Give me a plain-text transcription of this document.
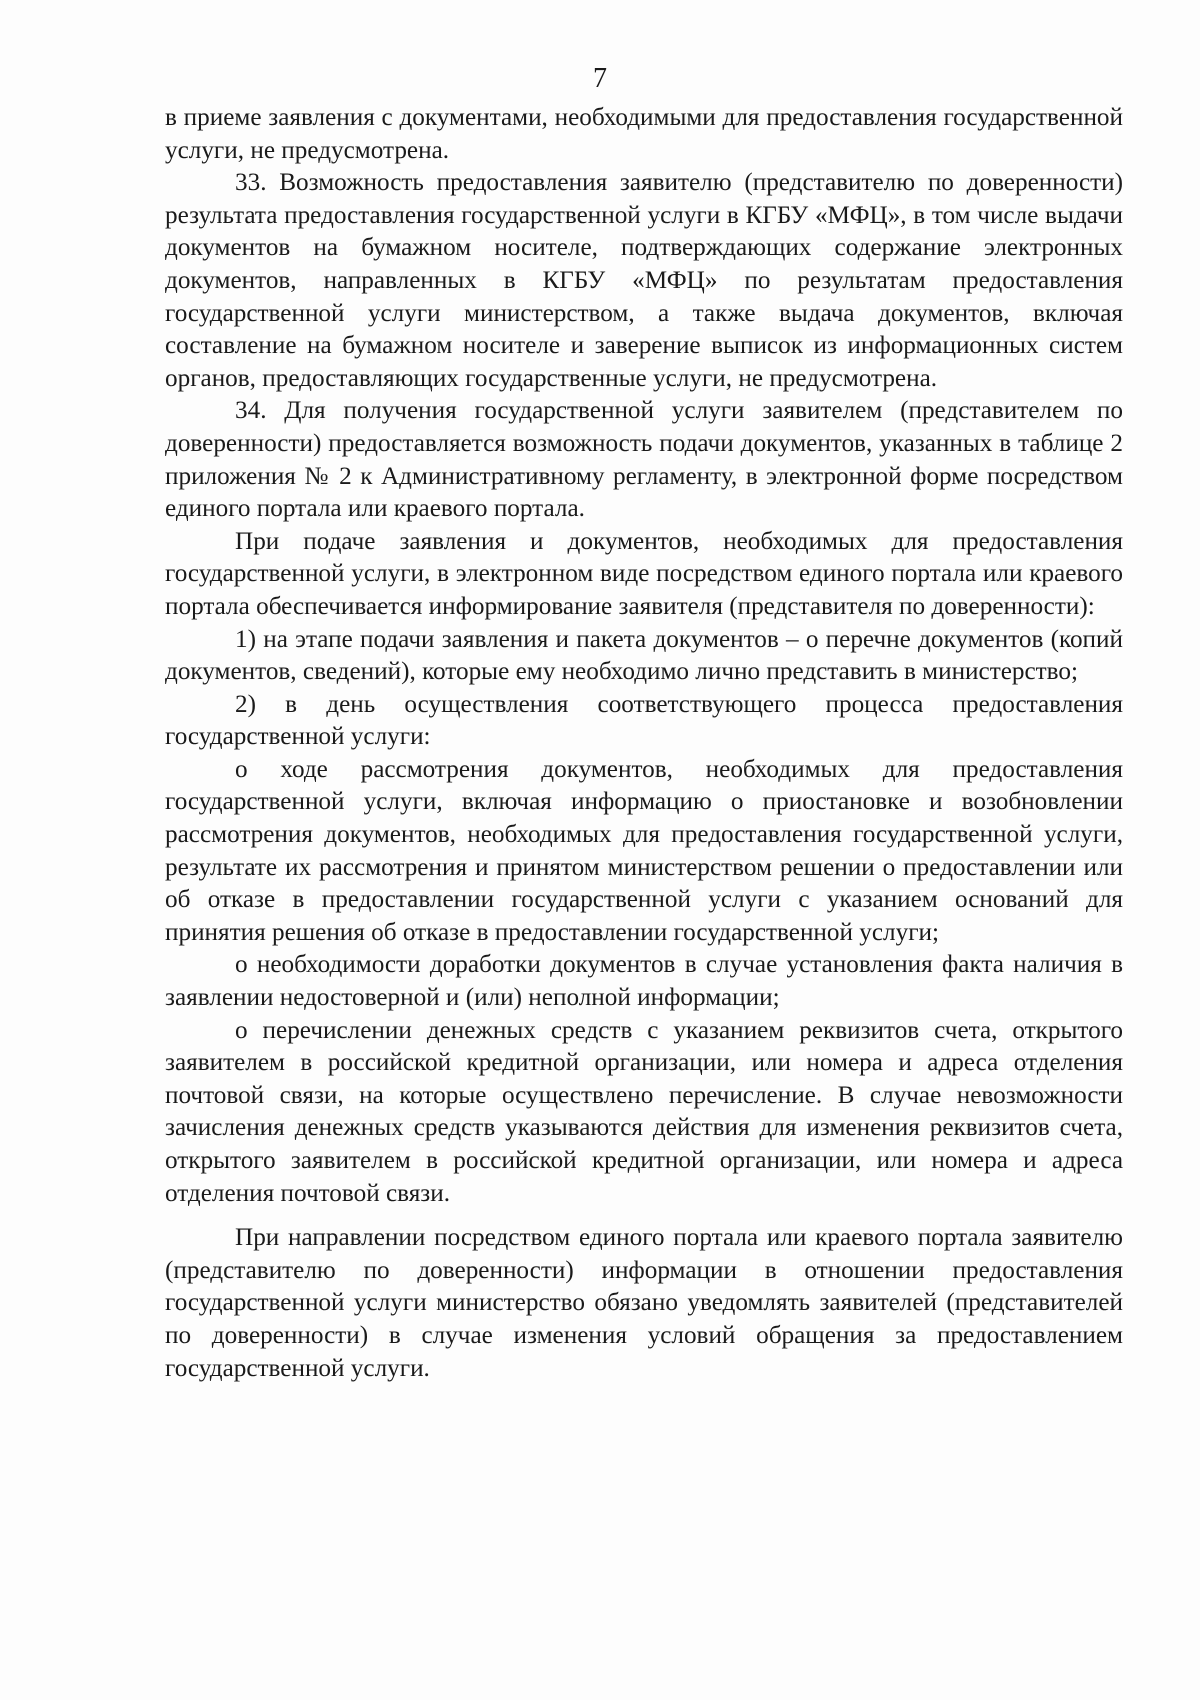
7

в приеме заявления с документами, необходимыми для предоставления государственной услуги, не предусмотрена.

33. Возможность предоставления заявителю (представителю по доверенности) результата предоставления государственной услуги в КГБУ «МФЦ», в том числе выдачи документов на бумажном носителе, подтверждающих содержание электронных документов, направленных в КГБУ «МФЦ» по результатам предоставления государственной услуги министерством, а также выдача документов, включая составление на бумажном носителе и заверение выписок из информационных систем органов, предоставляющих государственные услуги, не предусмотрена.

34. Для получения государственной услуги заявителем (представителем по доверенности) предоставляется возможность подачи документов, указанных в таблице 2 приложения № 2 к Административному регламенту, в электронной форме посредством единого портала или краевого портала.

При подаче заявления и документов, необходимых для предоставления государственной услуги, в электронном виде посредством единого портала или краевого портала обеспечивается информирование заявителя (представителя по доверенности):

1) на этапе подачи заявления и пакета документов – о перечне документов (копий документов, сведений), которые ему необходимо лично представить в министерство;

2) в день осуществления соответствующего процесса предоставления государственной услуги:

о ходе рассмотрения документов, необходимых для предоставления государственной услуги, включая информацию о приостановке и возобновлении рассмотрения документов, необходимых для предоставления государственной услуги, результате их рассмотрения и принятом министерством решении о предоставлении или об отказе в предоставлении государственной услуги с указанием оснований для принятия решения об отказе в предоставлении государственной услуги;

о необходимости доработки документов в случае установления факта наличия в заявлении недостоверной и (или) неполной информации;

о перечислении денежных средств с указанием реквизитов счета, открытого заявителем в российской кредитной организации, или номера и адреса отделения почтовой связи, на которые осуществлено перечисление. В случае невозможности зачисления денежных средств указываются действия для изменения реквизитов счета, открытого заявителем в российской кредитной организации, или номера и адреса отделения почтовой связи.

При направлении посредством единого портала или краевого портала заявителю (представителю по доверенности) информации в отношении предоставления государственной услуги министерство обязано уведомлять заявителей (представителей по доверенности) в случае изменения условий обращения за предоставлением государственной услуги.
